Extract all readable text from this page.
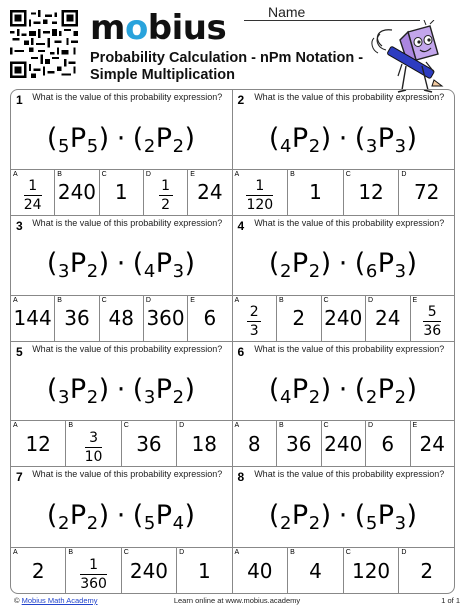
mobius
Probability Calculation - nPm Notation - Simple Multiplication
Name
1	What is the value of this probability expression?
( 5 P 5 ) · ( 2 P 2 )
A
$\frac{1}{24}$
B
240
C
1
D
$\frac{1}{2}$
E
24
2	What is the value of this probability expression?
( 4 P 2 ) · ( 3 P 3 )
A
$\frac{1}{120}$
B
1
C
12
D
72
3	What is the value of this probability expression?
( 3 P 2 ) · ( 4 P 3 )
A
144
B
36
C
48
D
360
E
6
4	What is the value of this probability expression?
( 2 P 2 ) · ( 6 P 3 )
A
$\frac{2}{3}$
B
2
C
240
D
24
E
$\frac{5}{36}$
5	What is the value of this probability expression?
( 3 P 2 ) · ( 3 P 2 )
A
12
B
$\frac{3}{10}$
C
36
D
18
6	What is the value of this probability expression?
( 4 P 2 ) · ( 2 P 2 )
A
8
B
36
C
240
D
6
E
24
7	What is the value of this probability expression?
( 2 P 2 ) · ( 5 P 4 )
A
2
B
$\frac{1}{360}$
C
240
D
1
8	What is the value of this probability expression?
( 2 P 2 ) · ( 5 P 3 )
A
40
B
4
C
120
D
2
© Mobius Math Academy	Learn online at www.mobius.academy	1 of 1
